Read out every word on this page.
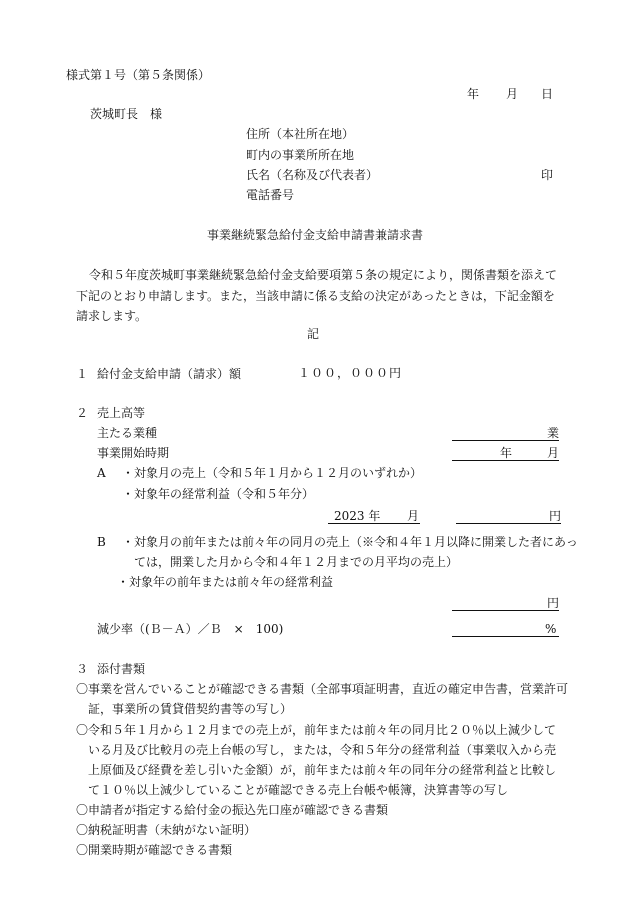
様式第１号（第５条関係）
年 月 日
茨城町長　様
住所（本社所在地）
町内の事業所所在地
氏名（名称及び代表者）	印
電話番号
事業継続緊急給付金支給申請書兼請求書
令和５年度茨城町事業継続緊急給付金支給要項第５条の規定により，関係書類を添えて
下記のとおり申請します。また，当該申請に係る支給の決定があったときは，下記金額を
請求します。
記
１ 給付金支給申請（請求）額	１００，０００円
２ 売上高等
主たる業種	業
事業開始時期	年	月
A ・対象月の売上（令和５年１月から１２月のいずれか）
・対象年の経常利益（令和５年分）
2023 年 月	円
B ・対象月の前年または前々年の同月の売上（※令和４年１月以降に開業した者にあっ
ては，開業した月から令和４年１２月までの月平均の売上）
・対象年の前年または前々年の経常利益
円
減少率（(Ｂ－Ａ）／Ｂ　×　100)	%
３ 添付書類
〇事業を営んでいることが確認できる書類（全部事項証明書，直近の確定申告書，営業許可
　証，事業所の賃貸借契約書等の写し）
〇令和５年１月から１２月までの売上が，前年または前々年の同月比２０％以上減少して
　いる月及び比較月の売上台帳の写し，または，令和５年分の経常利益（事業収入から売
　上原価及び経費を差し引いた金額）が，前年または前々年の同年分の経常利益と比較し
　て１０％以上減少していることが確認できる売上台帳や帳簿，決算書等の写し
〇申請者が指定する給付金の振込先口座が確認できる書類
〇納税証明書（未納がない証明）
〇開業時期が確認できる書類
